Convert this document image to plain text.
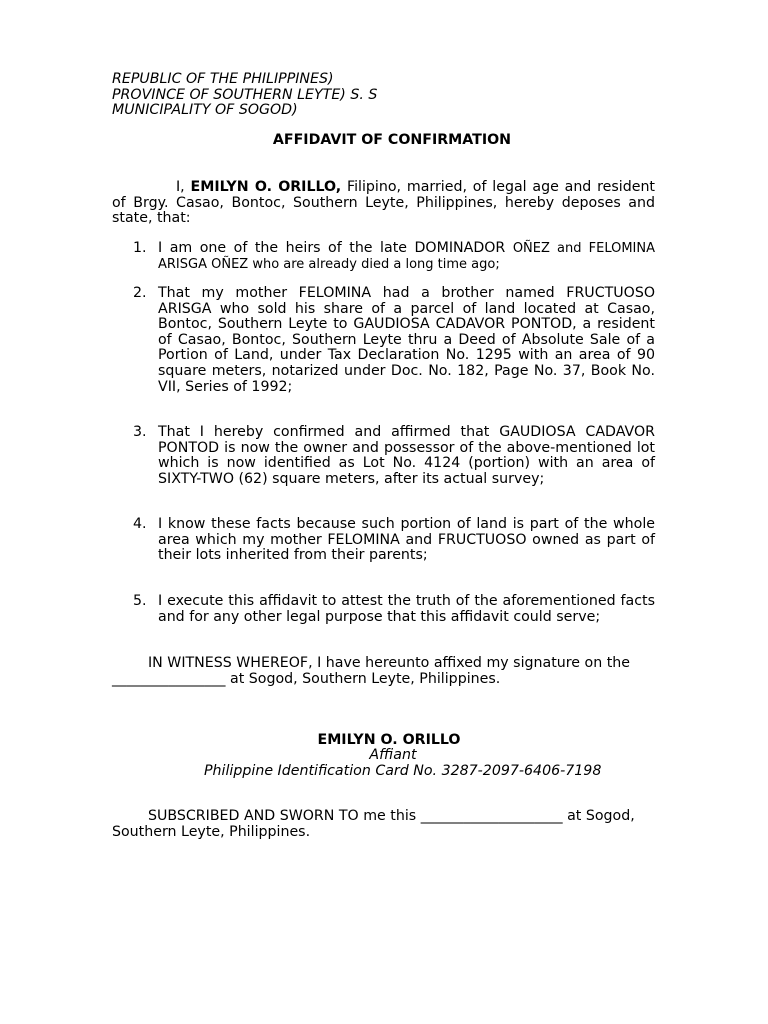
REPUBLIC OF THE PHILIPPINES)
PROVINCE OF SOUTHERN LEYTE) S. S
MUNICIPALITY OF SOGOD)
AFFIDAVIT OF CONFIRMATION
I, EMILYN O. ORILLO, Filipino, married, of legal age and resident of Brgy. Casao, Bontoc, Southern Leyte, Philippines, hereby deposes and state, that:
1. I am one of the heirs of the late DOMINADOR OÑEZ and FELOMINA ARISGA OÑEZ who are already died a long time ago;
2. That my mother FELOMINA had a brother named FRUCTUOSO ARISGA who sold his share of a parcel of land located at Casao, Bontoc, Southern Leyte to GAUDIOSA CADAVOR PONTOD, a resident of Casao, Bontoc, Southern Leyte thru a Deed of Absolute Sale of a Portion of Land, under Tax Declaration No. 1295 with an area of 90 square meters, notarized under Doc. No. 182, Page No. 37, Book No. VII, Series of 1992;
3. That I hereby confirmed and affirmed that GAUDIOSA CADAVOR PONTOD is now the owner and possessor of the above-mentioned lot which is now identified as Lot No. 4124 (portion) with an area of SIXTY-TWO (62) square meters, after its actual survey;
4. I know these facts because such portion of land is part of the whole area which my mother FELOMINA and FRUCTUOSO owned as part of their lots inherited from their parents;
5. I execute this affidavit to attest the truth of the aforementioned facts and for any other legal purpose that this affidavit could serve;
IN WITNESS WHEREOF, I have hereunto affixed my signature on the ________________ at Sogod, Southern Leyte, Philippines.
EMILYN O. ORILLO
Affiant
Philippine Identification Card No. 3287-2097-6406-7198
SUBSCRIBED AND SWORN TO me this ____________________ at Sogod, Southern Leyte, Philippines.
